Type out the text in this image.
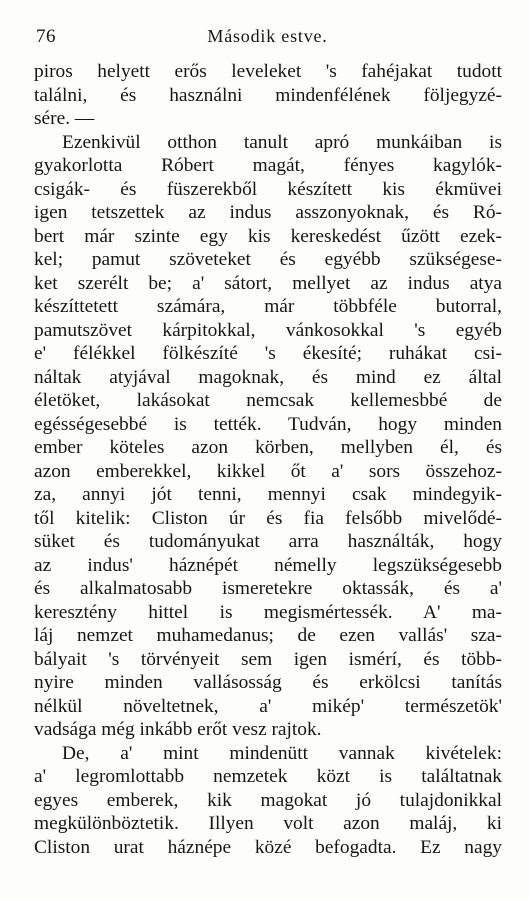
76	Második estve.
piros helyett erős leveleket 's fahéjakat tudott
találni, és használni mindenfélének följegyzé-
sére. —
Ezenkivül otthon tanult apró munkáiban is
gyakorlotta Róbert magát, fényes kagylók-
csigák- és füszerekből készített kis ékmüvei
igen tetszettek az indus asszonyoknak, és Ró-
bert már szinte egy kis kereskedést űzött ezek-
kel; pamut szöveteket és egyébb szükségese-
ket szerélt be; a' sátort, mellyet az indus atya
készíttetett számára, már többféle butorral,
pamutszövet kárpitokkal, vánkosokkal 's egyéb
e' félékkel fölkészíté 's ékesíté; ruhákat csi-
náltak atyjával magoknak, és mind ez által
életöket, lakásokat nemcsak kellemesbbé de
egésségesebbé is tették. Tudván, hogy minden
ember köteles azon körben, mellyben él, és
azon emberekkel, kikkel őt a' sors összehoz-
za, annyi jót tenni, mennyi csak mindegyik-
től kitelik: Cliston úr és fia felsőbb mivelődé-
süket és tudományukat arra használták, hogy
az indus' háznépét némelly legszükségesebb
és alkalmatosabb ismeretekre oktassák, és a'
keresztény hittel is megismértessék. A' ma-
láj nemzet muhamedanus; de ezen vallás' sza-
bályait 's törvényeit sem igen ismérí, és több-
nyire minden vallásosság és erkölcsi tanítás
nélkül növeltetnek, a' mikép' természetök'
vadsága még inkább erőt vesz rajtok.
De, a' mint mindenütt vannak kivételek:
a' legromlottabb nemzetek közt is találtatnak
egyes emberek, kik magokat jó tulajdonikkal
megkülönböztetik. Illyen volt azon maláj, ki
Cliston urat háznépe közé befogadta. Ez nagy
